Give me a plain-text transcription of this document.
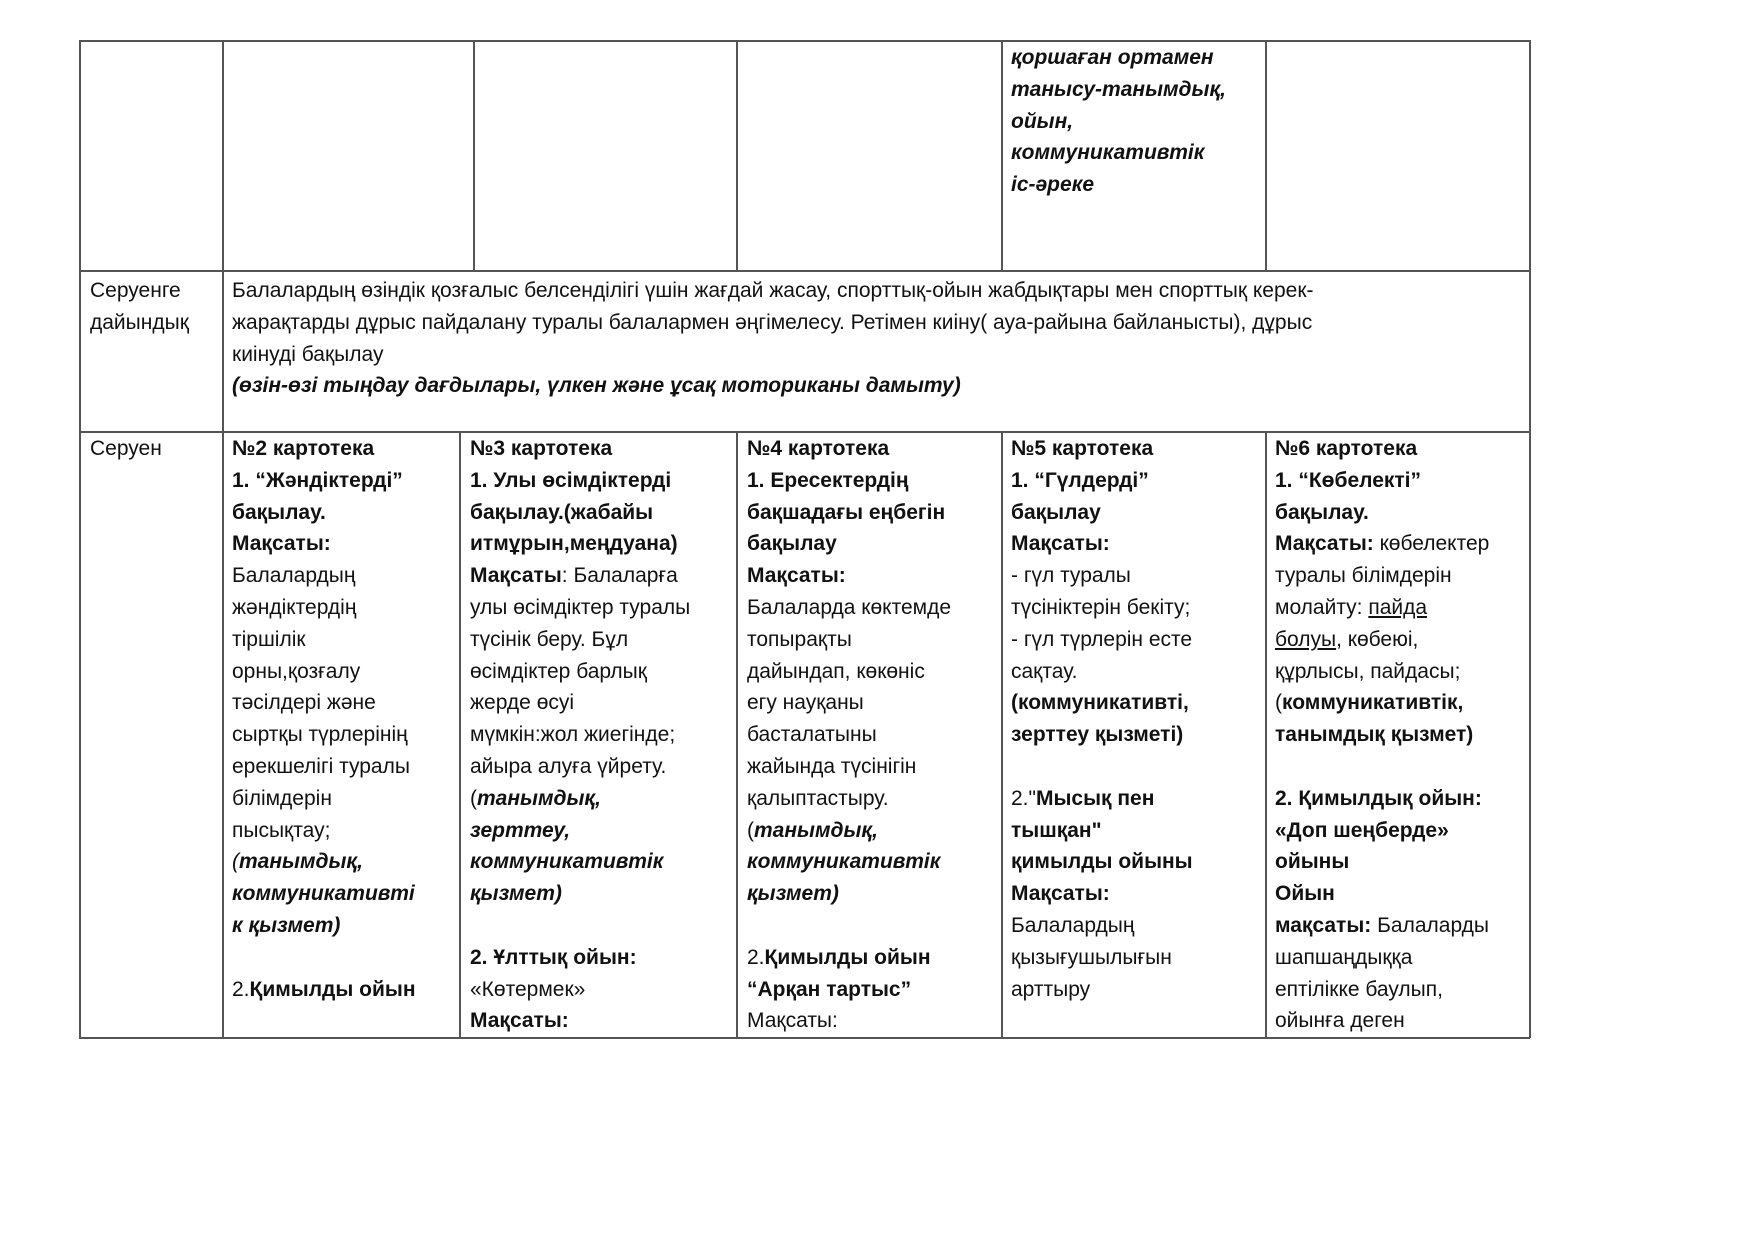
қоршаған ортамен
танысу-танымдық,
ойын,
коммуникативтік
іс-әреке
Серуенге
дайындық
Балалардың өзіндік қозғалыс белсенділігі үшін жағдай жасау, спорттық-ойын жабдықтары мен спорттық керек-
жарақтарды дұрыс пайдалану туралы балалармен әңгімелесу. Ретімен киіну( ауа-райына байланысты), дұрыс
киінуді бақылау
(өзін-өзі тыңдау дағдылары, үлкен және ұсақ моториканы дамыту)
Серуен	№2 картотека
1. “Жәндіктерді”
бақылау.
Мақсаты:
Балалардың
жәндіктердің
тіршілік
орны,қозғалу
тәсілдері және
сыртқы түрлерінің
ерекшелігі туралы
білімдерін
пысықтау;
(танымдық,
коммуникативті
к қызмет)
2.Қимылды ойын
№3 картотека
1. Улы өсімдіктерді
бақылау.(жабайы
итмұрын,меңдуана)
Мақсаты: Балаларға
улы өсімдіктер туралы
түсінік беру. Бұл
өсімдіктер барлық
жерде өсуі
мүмкін:жол жиегінде;
айыра алуға үйрету.
(танымдық,
зерттеу,
коммуникативтік
қызмет)
2. Ұлттық ойын:
«Көтермек»
Мақсаты:
№4 картотека
1. Ересектердің
бақшадағы еңбегін
бақылау
Мақсаты:
Балаларда көктемде
топырақты
дайындап, көкөніс
егу науқаны
басталатыны
жайында түсінігін
қалыптастыру.
(танымдық,
коммуникативтік
қызмет)
2.Қимылды ойын
“Арқан тартыс”
Мақсаты:
№5 картотека
1. “Гүлдерді”
бақылау
Мақсаты:
- гүл туралы
түсініктерін бекіту;
- гүл түрлерін есте
сақтау.
(коммуникативті,
зерттеу қызметі)
2."Мысық пен
тышқан"
қимылды ойыны
Мақсаты:
Балалардың
қызығушылығын
арттыру
№6 картотека
1. “Көбелекті”
бақылау.
Мақсаты: көбелектер
туралы білімдерін
молайту: пайда
болуы, көбеюі,
құрлысы, пайдасы;
(коммуникативтік,
танымдық қызмет)
2. Қимылдық ойын:
«Доп шеңберде»
ойыны
Ойын
мақсаты: Балаларды
шапшаңдыққа
ептілікке баулып,
ойынға деген
